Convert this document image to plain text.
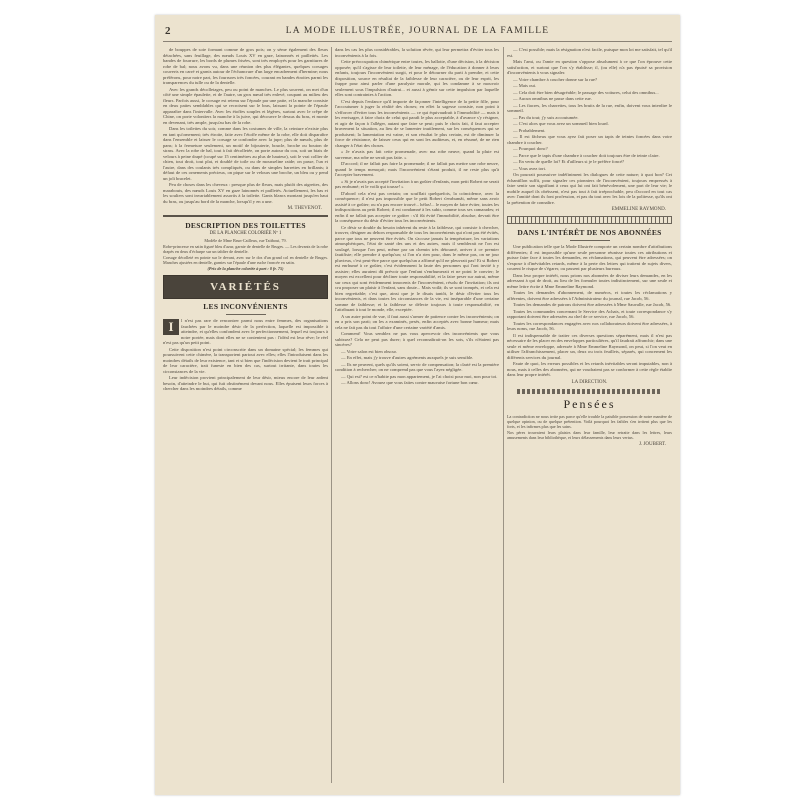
2	LA MODE ILLUSTRÉE, JOURNAL DE LA FAMILLE

de bouppes de soie formant comme de gros pois; on y sème également des fleurs détachées, sans feuillage, des nœuds Louis XV en gaze, lainonnés et paillettés. Les bandes de fourrure, les bords de plumes frisées, sont très employés pour les garnitures de robe de bal; nous avons vu, dans une réunion des plus élégantes, quelques corsages couverts en carré et garnis autour de l'échancrure d'un large encadrement d'hermine; nous préférons, pour notre part, les fourrures très foncées, courant en bandes étroites parmi les transparences du tulle ou de la dentelle.

Avec les grands décolletages, peu ou point de manches. Le plus souvent, on met d'un côté une simple épaulette, et de l'autre, un gros nœud très enlevé, coupant au milieu des fleurs. Parfois aussi, le corsage est retenu sur l'épaule par une patte, et la manche consiste en deux pattes semblables qui se recroisent sur le bras, laissant la pointe de l'épaule apparaître dans l'intervalle. Avec les étoffes souples et légères, surtout avec le crêpe de Chine, on porte volontiers la manche à la juive, qui découvre le dessus du bras, et monte en devenant, très ample, jusqu'au bas de la robe.

Dans les toilettes du soir, comme dans les costumes de ville, la ceinture n'existe plus en tant qu'ornement; très étroite, faite avec l'étoffe même de la robe, elle doit disparaître dans l'ensemble et laisser le corsage se confondre avec la jupe; plus de nœuds, plus de pans; à la fermeture seulement, un motif de bijouterie, boucle, broche ou bouton de strass. Avec la robe de bal, tout à fait décolletée, on porte autour du cou, soit un biais de velours à peine drapé (coupé sur 15 centimètres au plus de hauteur), soit le vrai collier de chien, tout droit, tout plat, et doublé de toile ou de mousseline raide; on passe, l'un et l'autre, dans des coulants très compliqués, ou dans de simples barrettes en brillants; à défaut de ces ornements précieux, on pique sur le velours une broche, un bleu ou y pend un joli bracelet.

Peu de choses dans les cheveux : presque plus de fleurs, mais plutôt des aigrettes, des marabouts, des nœuds Louis XV en gaze lainonnés et pailletés. Actuellement, les bas et les souliers sont invariablement assortis à la toilette. Gants blancs montant jusqu'en haut du bras, ou jusqu'au bord de la manche, lorsqu'il y en a une.

M. THEVENOT.
DESCRIPTION DES TOILETTES
DE LA PLANCHE COLORIÉE Nº 1

Modèle de Mme Brun-Cailleux, rue Taitbout, 79.

Robe-princesse en satin figuré bleu d'azur, garnie de dentelle de Bruges. — Les devants de la robe drapés en deux d'écharpe sur un tablier de dentelle.

Corsage décolleté en pointe sur le devant, avec sur le dos d'un grand col en dentelle de Bruges. Manches ajustées en dentelle, garnies sur l'épaule d'une ruche froncée en satin.

(Prix de la planche coloriée à part : 0 fr. 75)

VARIÉTÉS
LES INCONVÉNIENTS
I	l n'est pas rare de rencontrer parmi nous entre femmes, des organisations fauchées par le moindre désir de la perfection, laquelle est impossible à atteindre, et qu'elles confondent avec le perfectionnement, lequel est toujours à notre portée, mais dont elles ne se contentent pas : l'idéal est leur rêve; le réel n'est pas qu'un petit point.

Cette disposition n'est point circonscrite dans un domaine spécial; les femmes qui poursuivent cette chimère, la transportent partout avec elles; elles l'introduisent dans les moindres détails de leur existence, tant et si bien que l'indécision devient le trait principal de leur caractère, trait funeste en bien des cas, surtout irritante, dans toutes les circonstances de la vie.

Leur indécision provient principalement de leur désir, mieux encore de leur ardent besoin, d'atteindre le but, qui fuit obstinément devant nous. Elles épuisent leurs forces à chercher dans les moindres détails, comme

dans les cas les plus considérables, la solution rêvée, qui leur permettra d'éviter tous les inconvénients à la fois.

Cette préoccupation chimérique entre toutes, les ballotte, d'une décision, à la décision opposée; qu'il s'agisse de leur toilette, de leur ménage, de l'éducation à donner à leurs enfants, toujours l'inconvénient surgit, et pour le détourner du parti à prendre, et cette disposition, source en résultat de la faiblesse de leur caractère, ou de leur esprit, les frappe pour ainsi parler d'une paralysie morale, qui les condamne à se mouvoir seulement sous l'impulsion d'autrui... et aussi à gémir sur cette impulsion par laquelle elles sont contraintes à l'action.

C'est depuis l'enfance qu'il importe de façonner l'intelligence de la petite fille, pour l'accoutumer à juger la réalité des choses; en effet la sagesse consiste, non point à s'efforcer d'éviter tous les inconvénients — ce qui équivaudrait à l'immobilité — mais à les envisager, à faire choix de celui qui paraît le plus acceptable, à d'avance s'y résigner, et agir de façon à l'alléger, autant que faire se peut; puis le choix fait, il faut accepter bravement la situation, au lieu de se lamenter inutilement, sur les conséquences qui se produisent; la lamentation est vaine, et son résultat le plus certain, est de diminuer la force de résistance, de laisser ceux qui en sont les auditeurs, et, en résumé, de ne rien changer à l'état des choses.

« Je n'avais pas fait cette promenade, avec ma robe neuve, quand la pluie est survenue, ma robe ne serait pas faite. »

D'accord; il ne fallait pas faire la promenade; il ne fallait pas mettre une robe neuve, quand le temps menaçait; mais l'inconvénient s'étant produit, il ne reste plus qu'à l'accepter bravement.

« Si je n'avais pas accepté l'invitation à un goûter d'enfants, mon petit Robert ne serait pas enrhumé; et le voilà qui tousse! »

D'abord cela n'est pas certain; on soufflait quelquefois, la coïncidence, avec la conséquence; il n'est pas impossible que le petit Robert s'enrhumât, même sans avoir assisté à ce goûter; ou n'a pas encore trouvé... hélas!... le moyen de faire éviter, toutes les indispositions au petit Robert; il est condamné à les subir, comme tous ses camarades; et enfin il ne fallait pas accepter ce goûter : s'il fût évité l'immobilité, absolue, devrait être la conséquence du désir d'éviter tous les inconvénients.

Ce désir se double du besoin inhérent du reste à la faiblesse, qui consiste à chercher, trouver, désigner au dehors responsable de tous les inconvénients qui n'ont pas été évités, parce que tous ne peuvent être évités. On s'accuse jamais la température, les variations atmosphériques, l'état de santé des uns et des autres, mais il semblerait ne l'on est soulagé, lorsque l'on peut, même par un chemin très détourné, arriver à ce premier fautifiste; elle prendre à quelqu'un; si l'on n'a rien pour, dans le même pas, on ne jour pluvieux, c'est peut-être parce que quelqu'un a affirmé qu'il ne pleuvrait pas! Et si Robert est enrhumé à ce goûter, c'est évidemment la faute des personnes qui l'ont invité à y assister; elles auraient dû prévoir que l'enfant s'enrhumerait et ne point le convier; le moyen est excellent pour décliner toute responsabilité, et la faire peser sur autrui, même sur ceux qui sont évidemment innocents de l'inconvénient, résolu de l'invitation; ils ont cru proposer un plaisir à l'enfant, sans doute... Mais voilà; ils se sont trompés, et cela est bien regrettable; c'est que, ainsi que je le disais tantôt, le désir d'éviter tous les inconvénients, et dans toutes les circonstances de la vie, est inséparable d'une certaine somme de faiblesse; et la faiblesse se délecte toujours à toute responsabilité, en l'attribuant à tout le monde, elle, exceptée.

A un autre point de vue, il faut aussi s'armer de patience contre les inconvénients; on en a pris son parti; on les a examinés, pesés, enfin acceptés avec bonne humeur; mais cela ne fait pas du tout l'affaire d'une certaine variété d'amis.

Comment! Vous semblez ne pas vous apercevoir des inconvénients que vous subissez? Cela ne peut pas durer; à quel reconnaîtrait-on les sots, s'ils n'étaient pas sincères?

— Votre salon est bien obscur.

— En effet, mais j'y trouve d'autres agréments auxquels je suis sensible.

— Ils ne peuvent, quels qu'ils soient, servir de compensation; la clarté est la première condition à rechercher; on ne comprend pas que vous l'ayez négligée.

— Qui est? est ce n'habite pas mon appartement, je l'ai choisi pour moi, non pour toi.

— Allons donc! Avouez que vous faites contre mauvaise fortune bon cœur.

— C'est possible; mais la résignation n'est facile, puisque mon lot me satisfait, tel qu'il est.

Mais l'ami, ou l'amie en question s'oppose absolument à ce que l'on éprouve cette satisfaction, et surtout que l'on s'y établisse; il, (ou elle) n'a pas épuisé sa provision d'inconvénients à vous signaler.

— Votre chambre à coucher donne sur la rue?

— Mais oui.

— Cela doit être bien désagréable; le passage des voitures, celui des omnibus...

— Aucun omnibus ne passe dans cette rue.

— Les fiacres, les charrettes, tous les bruits de la rue, enfin, doivent vous interdire le sommeil.

— Pas du tout; j'y suis accoutumée.

— C'est alors que vous avez un sommeil bien lourd.

— Probablement.

— Il est fâcheux que vous ayez fait poser un tapis de teintes foncées dans votre chambre à coucher.

— Pourquoi donc?

— Parce que le tapis d'une chambre à coucher doit toujours être de teinte claire.

— En vertu de quelle loi? Et d'ailleurs si je le préfère foncé?

— Vous avez tort.

On pourrait poursuivre indéfiniment les dialogues de cette nature; à quoi bon? Cet échantillon suffit, pour signaler ces pionniers de l'inconvénient, toujours empressés à faire sentir son signifiant à ceux qui lui ont fait bénévolement, une part de leur vie; le mobile auquel ils obéissent, n'est pas tout à fait irréprochable, peu d'accord en tout cas avec l'amitié dont ils font profession, et pas du tout avec les lois de la politesse, qu'ils ont la prétention de connaître.

EMMELINE RAYMOND.
DANS L'INTÉRÊT DE NOS ABONNÉES

Une publication telle que la Mode Illustrée comporte un certain nombre d'attributions différentes; il est impossible qu'une seule personne réunisse toutes ces attributions et puisse faire face à toutes les demandes, en réclamations, qui peuvent être adressées; on s'expose à d'inévitables retards, même à la perte des lettres qui traitent de sujets divers, courent le risque de s'égarer, ou passent par plusieurs bureaux.

Dans leur propre intérêt, nous prions nos abonnées de diviser leurs demandes, en les adressant à qui de droit, au lieu de les formuler toutes indistinctement, sur une seule et même lettre écrite à Mme Emmeline Raymond.

Toutes les demandes d'abonnement, de numéros, et toutes les réclamations y afférentes, doivent être adressées à l'Administrateur du journal, rue Jacob, 56.

Toutes les demandes de patrons doivent être adressées à Mme Sauvalle, rue Jacob, 56.

Toutes les commandes concernant le Service des Achats, et toute correspondance s'y rapportant doivent être adressées au chef de ce service, rue Jacob, 56.

Toutes les correspondances engagées avec nos collaborateurs doivent être adressées, à leurs noms, rue Jacob, 56.

Il est indispensable de traiter ces diverses questions séparément, mais il n'est pas nécessaire de les placer en des enveloppes particulières, qu'il faudrait affranchir; dans une seule et même enveloppe, adressée à Mme Emmeline Raymond, on peut, si l'on veut en utiliser l'affranchissement, placer un, deux ou trois feuillets, séparés, qui concernent les différents services du journal.

Faute de quoi, les erreurs possibles et les retards inévitables seront imputables, non à nous, mais à celles des abonnées, qui ne voudraient pas se conformer à cette règle établie dans leur propre intérêt.

LA DIRECTION.
Pensées

La contradiction ne nous irrite pas parce qu'elle trouble la paisible possession de notre manière de quelque opinion, ou de quelque prétention. Voilà pourquoi les faibles s'en irritent plus que les forts, et les infirmes plus que les sains.

Nos pères trouvaient leurs plaisirs dans leur famille, leur retraite dans les lettres, leurs amusements dans leur bibliothèque, et leurs délassements dans leurs vertus.

J. JOUBERT.
